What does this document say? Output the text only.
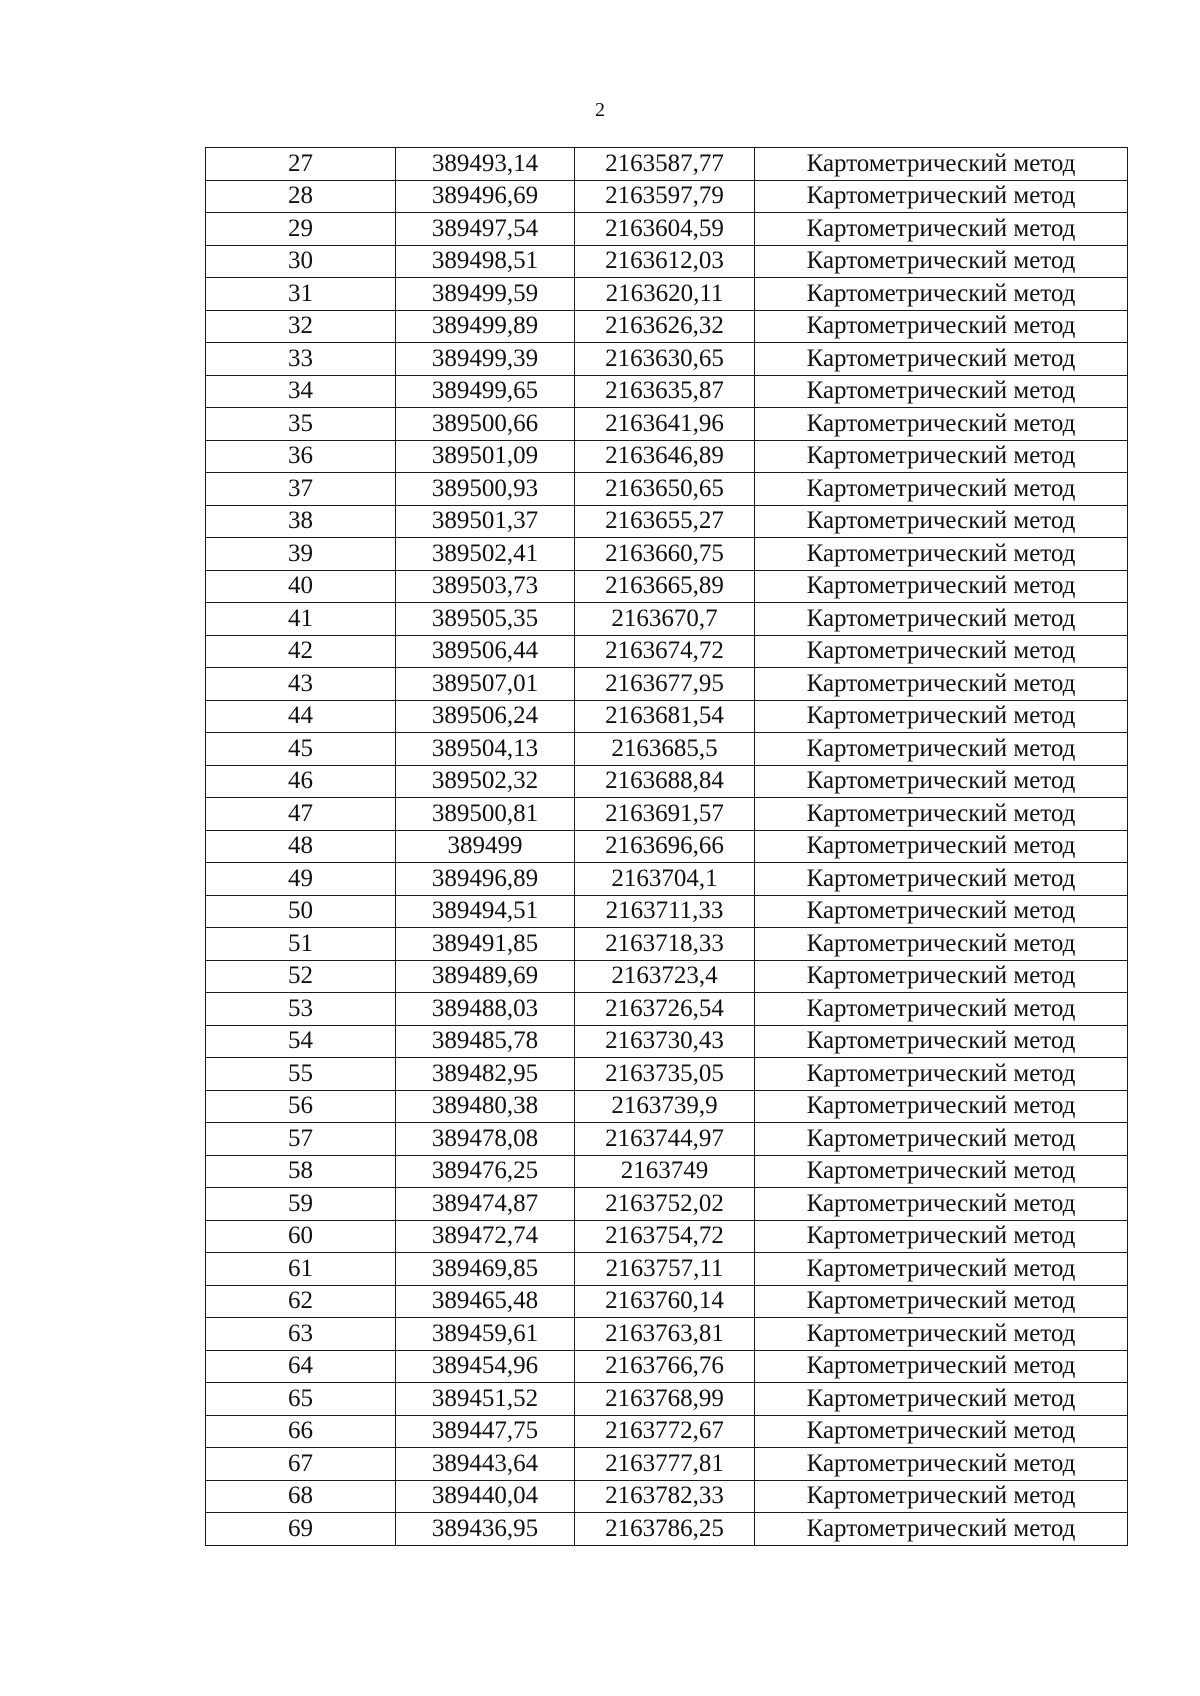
2
27	389493,14	2163587,77	Картометрический метод
28	389496,69	2163597,79	Картометрический метод
29	389497,54	2163604,59	Картометрический метод
30	389498,51	2163612,03	Картометрический метод
31	389499,59	2163620,11	Картометрический метод
32	389499,89	2163626,32	Картометрический метод
33	389499,39	2163630,65	Картометрический метод
34	389499,65	2163635,87	Картометрический метод
35	389500,66	2163641,96	Картометрический метод
36	389501,09	2163646,89	Картометрический метод
37	389500,93	2163650,65	Картометрический метод
38	389501,37	2163655,27	Картометрический метод
39	389502,41	2163660,75	Картометрический метод
40	389503,73	2163665,89	Картометрический метод
41	389505,35	2163670,7	Картометрический метод
42	389506,44	2163674,72	Картометрический метод
43	389507,01	2163677,95	Картометрический метод
44	389506,24	2163681,54	Картометрический метод
45	389504,13	2163685,5	Картометрический метод
46	389502,32	2163688,84	Картометрический метод
47	389500,81	2163691,57	Картометрический метод
48	389499	2163696,66	Картометрический метод
49	389496,89	2163704,1	Картометрический метод
50	389494,51	2163711,33	Картометрический метод
51	389491,85	2163718,33	Картометрический метод
52	389489,69	2163723,4	Картометрический метод
53	389488,03	2163726,54	Картометрический метод
54	389485,78	2163730,43	Картометрический метод
55	389482,95	2163735,05	Картометрический метод
56	389480,38	2163739,9	Картометрический метод
57	389478,08	2163744,97	Картометрический метод
58	389476,25	2163749	Картометрический метод
59	389474,87	2163752,02	Картометрический метод
60	389472,74	2163754,72	Картометрический метод
61	389469,85	2163757,11	Картометрический метод
62	389465,48	2163760,14	Картометрический метод
63	389459,61	2163763,81	Картометрический метод
64	389454,96	2163766,76	Картометрический метод
65	389451,52	2163768,99	Картометрический метод
66	389447,75	2163772,67	Картометрический метод
67	389443,64	2163777,81	Картометрический метод
68	389440,04	2163782,33	Картометрический метод
69	389436,95	2163786,25	Картометрический метод
